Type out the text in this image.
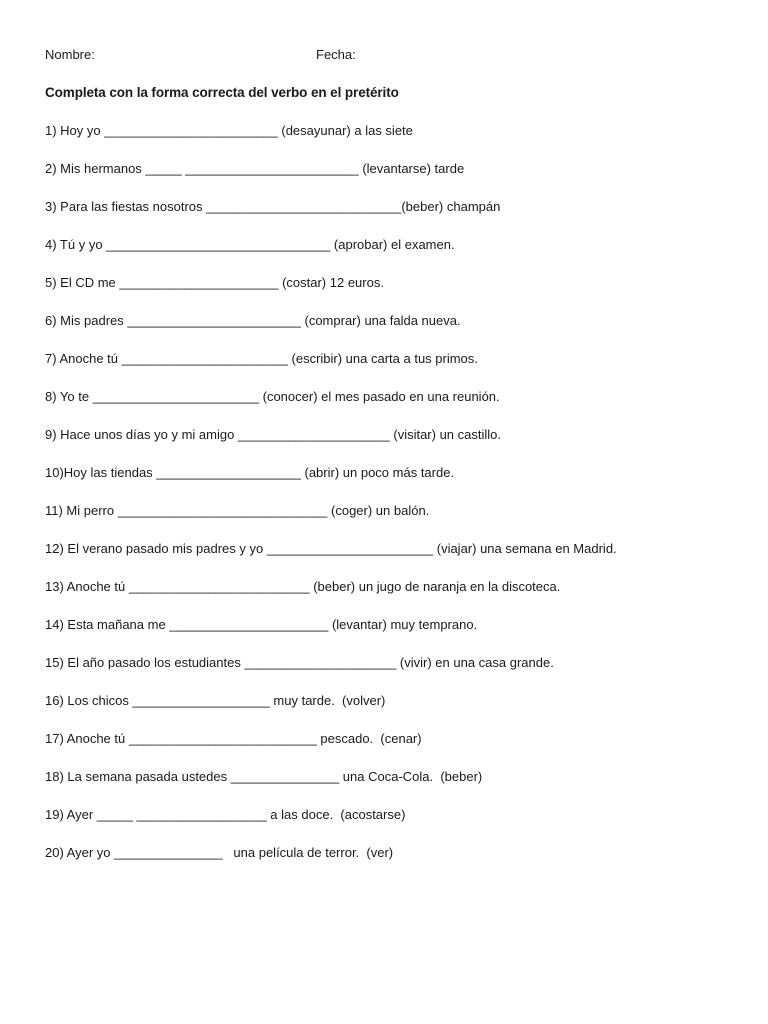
Nombre:	Fecha:
Completa con la forma correcta del verbo en el pretérito
1) Hoy yo ________________________ (desayunar) a las siete
2) Mis hermanos _____ ________________________ (levantarse) tarde
3) Para las fiestas nosotros ___________________________(beber) champán
4) Tú y yo _______________________________ (aprobar) el examen.
5) El CD me ______________________ (costar) 12 euros.
6) Mis padres ________________________ (comprar) una falda nueva.
7) Anoche tú _______________________ (escribir) una carta a tus primos.
8) Yo te _______________________ (conocer) el mes pasado en una reunión.
9) Hace unos días yo y mi amigo _____________________ (visitar) un castillo.
10)Hoy las tiendas ____________________ (abrir) un poco más tarde.
11) Mi perro _____________________________ (coger) un balón.
12) El verano pasado mis padres y yo _______________________ (viajar) una semana en Madrid.
13) Anoche tú _________________________ (beber) un jugo de naranja en la discoteca.
14) Esta mañana me ______________________ (levantar) muy temprano.
15) El año pasado los estudiantes _____________________ (vivir) en una casa grande.
16) Los chicos ___________________ muy tarde.  (volver)
17) Anoche tú __________________________ pescado.  (cenar)
18) La semana pasada ustedes _______________ una Coca-Cola.  (beber)
19) Ayer _____ __________________ a las doce.  (acostarse)
20) Ayer yo _______________   una película de terror.  (ver)
